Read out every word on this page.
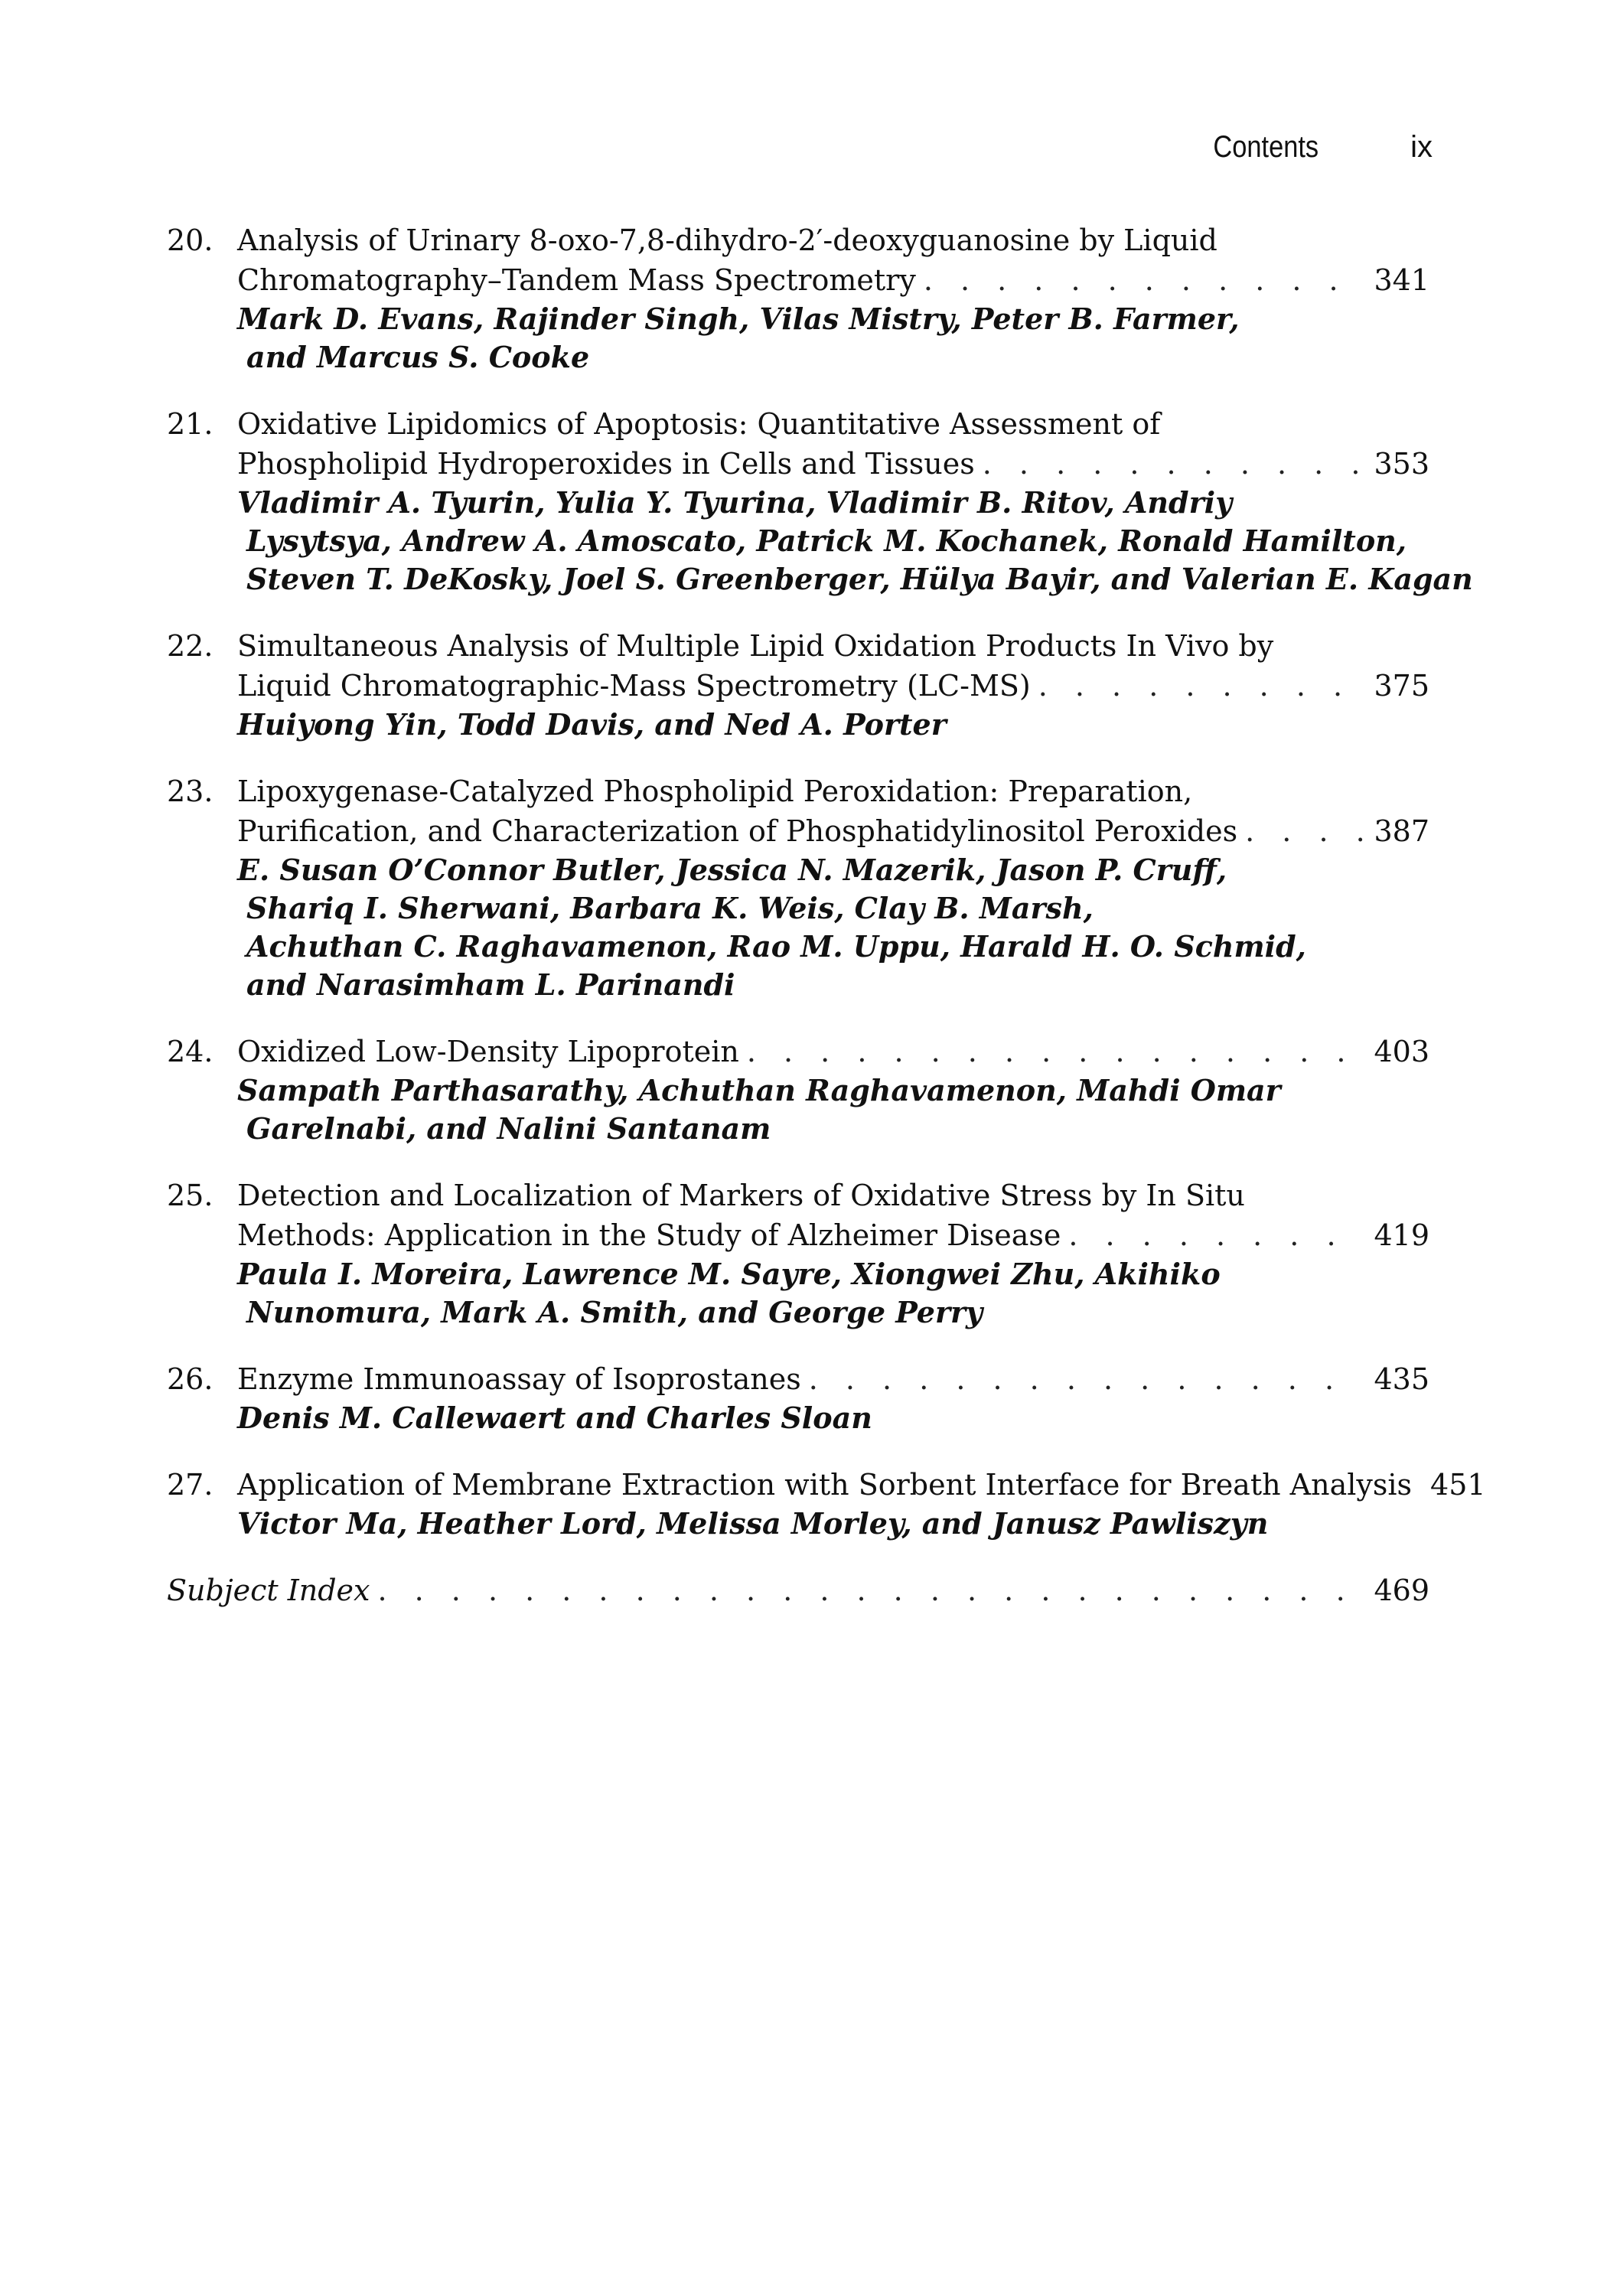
Contents	ix
20. Analysis of Urinary 8-oxo-7,8-dihydro-2′-deoxyguanosine by Liquid
Chromatography–Tandem Mass Spectrometry . . .	341
Mark D. Evans, Rajinder Singh, Vilas Mistry, Peter B. Farmer,
and Marcus S. Cooke
21. Oxidative Lipidomics of Apoptosis: Quantitative Assessment of
Phospholipid Hydroperoxides in Cells and Tissues . . .	353
Vladimir A. Tyurin, Yulia Y. Tyurina, Vladimir B. Ritov, Andriy
Lysytsya, Andrew A. Amoscato, Patrick M. Kochanek, Ronald Hamilton,
Steven T. DeKosky, Joel S. Greenberger, Hülya Bayir, and Valerian E. Kagan
22. Simultaneous Analysis of Multiple Lipid Oxidation Products In Vivo by
Liquid Chromatographic-Mass Spectrometry (LC-MS) . . .	375
Huiyong Yin, Todd Davis, and Ned A. Porter
23. Lipoxygenase-Catalyzed Phospholipid Peroxidation: Preparation,
Purification, and Characterization of Phosphatidylinositol Peroxides . . .	387
E. Susan O’Connor Butler, Jessica N. Mazerik, Jason P. Cruff,
Shariq I. Sherwani, Barbara K. Weis, Clay B. Marsh,
Achuthan C. Raghavamenon, Rao M. Uppu, Harald H. O. Schmid,
and Narasimham L. Parinandi
24. Oxidized Low-Density Lipoprotein . . .	403
Sampath Parthasarathy, Achuthan Raghavamenon, Mahdi Omar
Garelnabi, and Nalini Santanam
25. Detection and Localization of Markers of Oxidative Stress by In Situ
Methods: Application in the Study of Alzheimer Disease . . .	419
Paula I. Moreira, Lawrence M. Sayre, Xiongwei Zhu, Akihiko
Nunomura, Mark A. Smith, and George Perry
26. Enzyme Immunoassay of Isoprostanes . . .	435
Denis M. Callewaert and Charles Sloan
27. Application of Membrane Extraction with Sorbent Interface for Breath Analysis 451
Victor Ma, Heather Lord, Melissa Morley, and Janusz Pawliszyn
Subject Index . . .	469
